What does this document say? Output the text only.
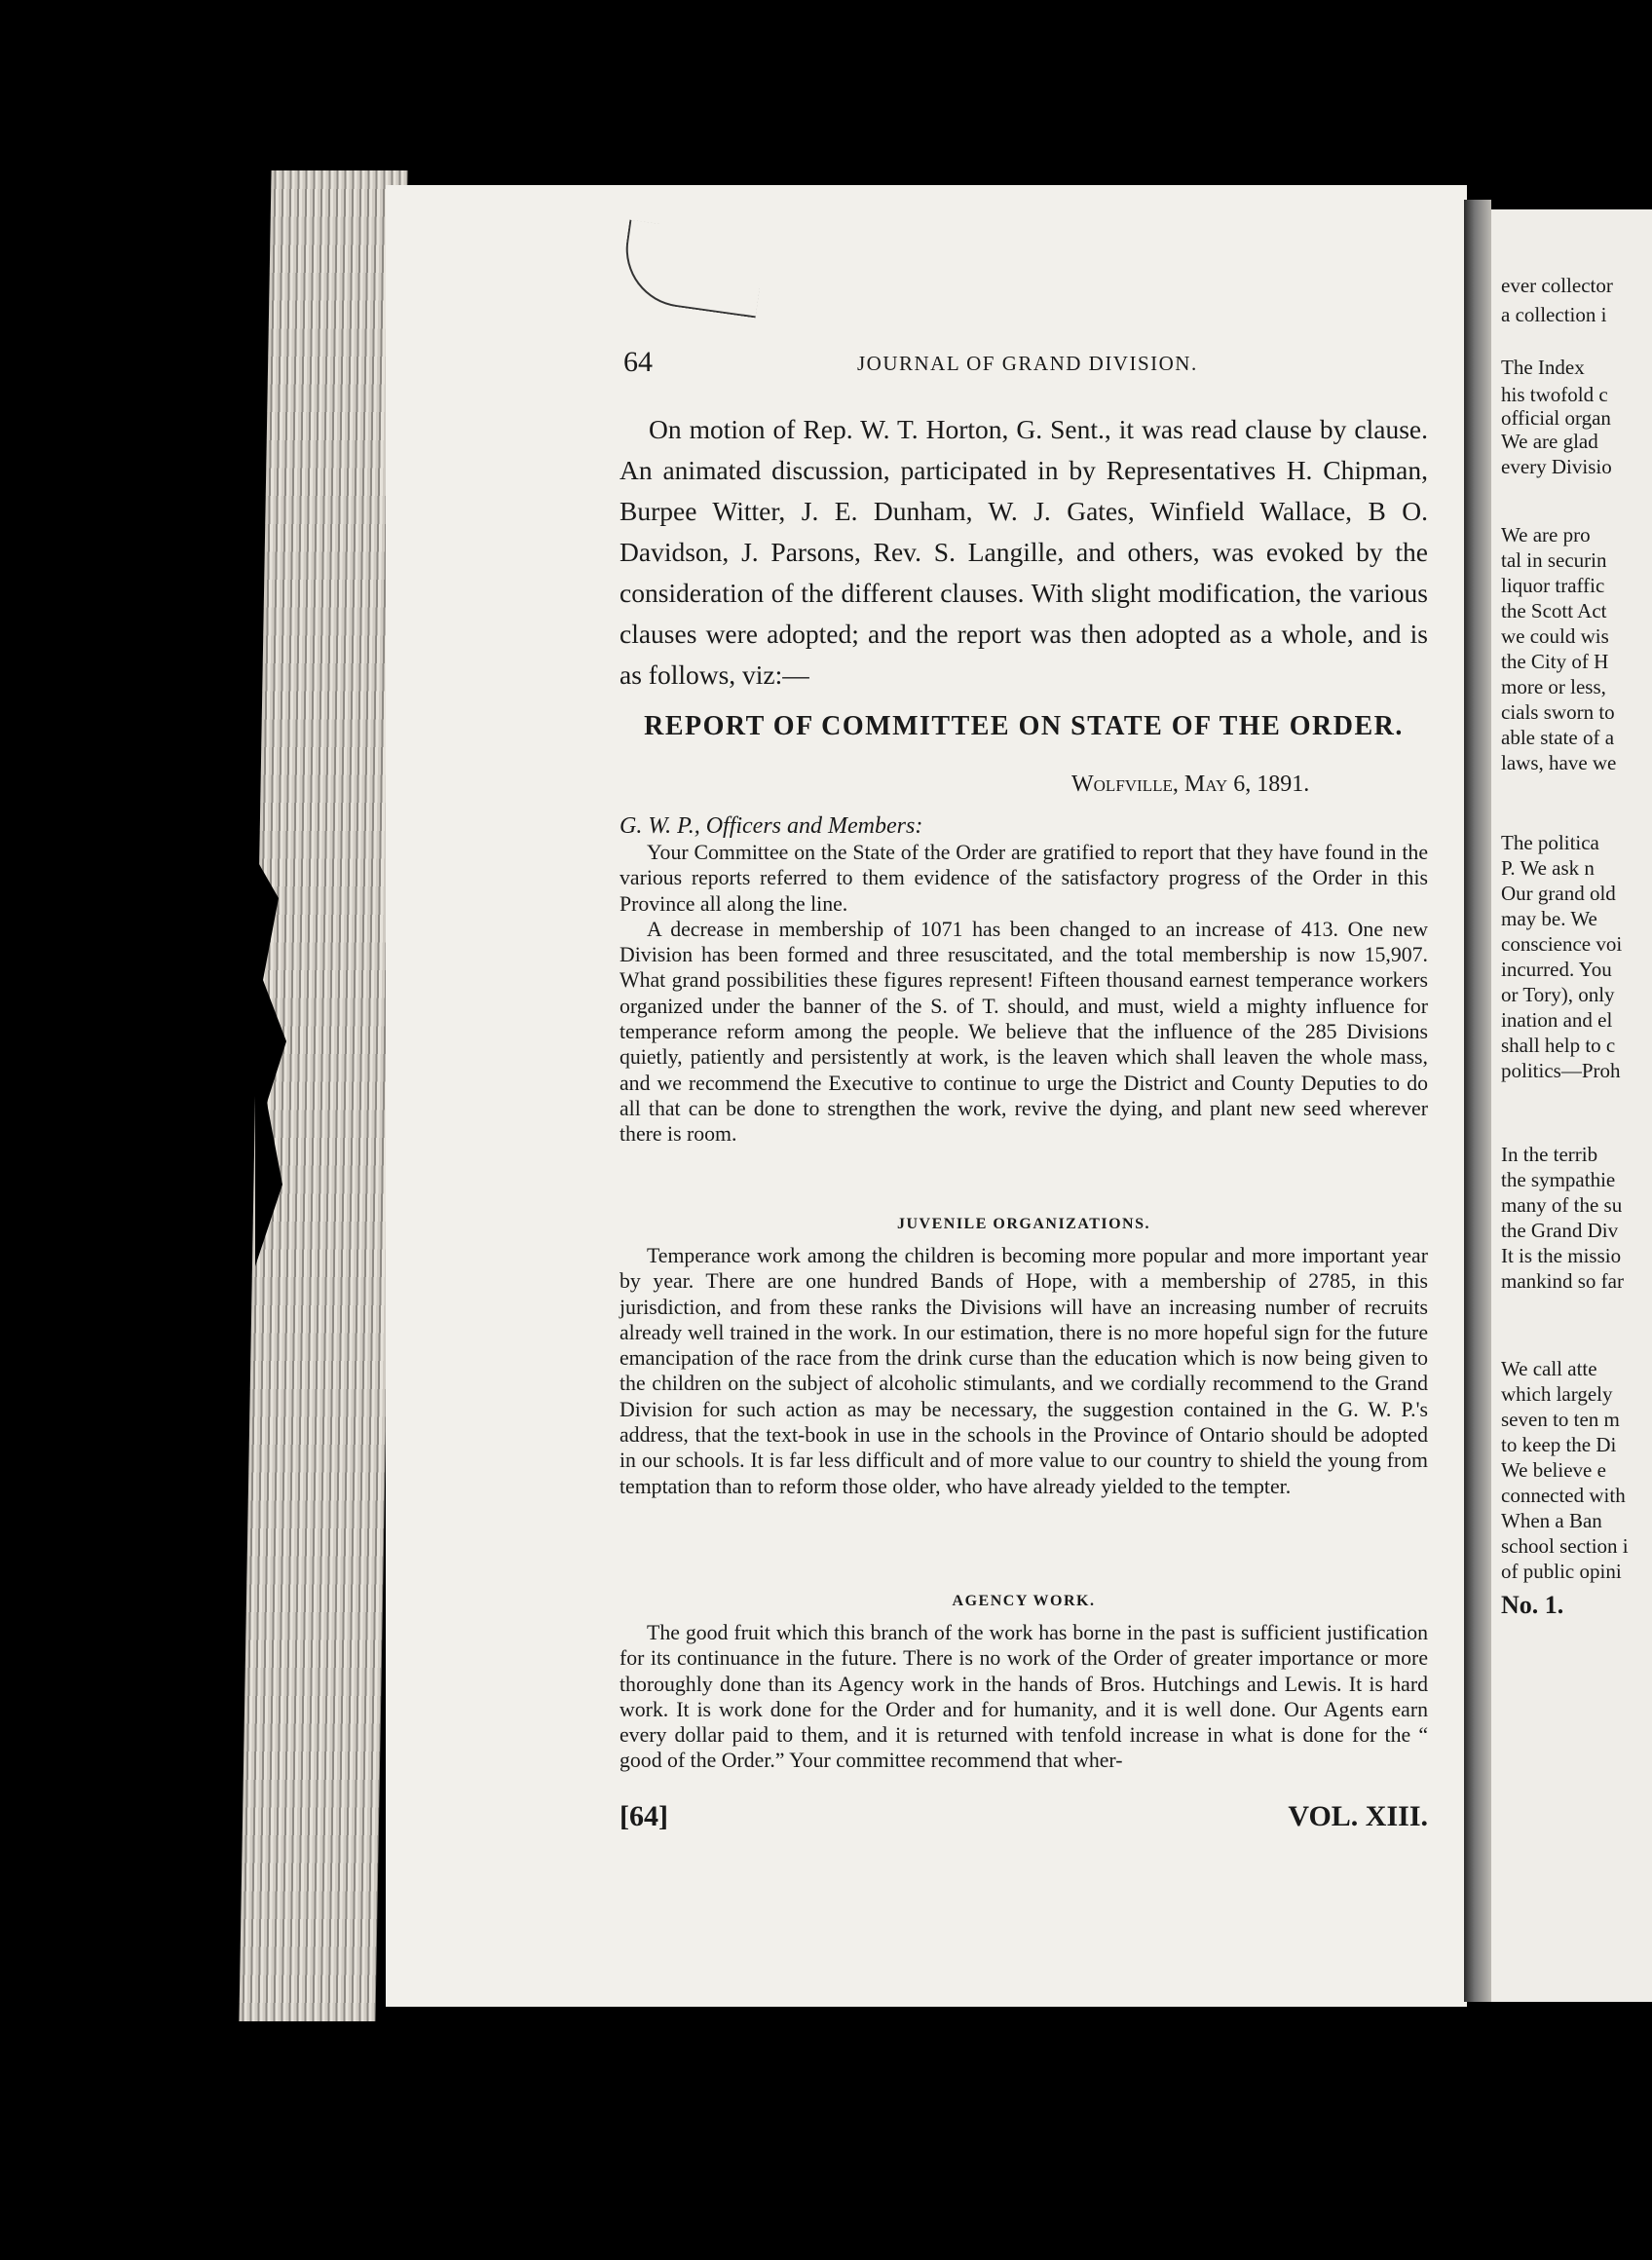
ever collector
a collection i
The Index
his twofold c
official organ
We are glad
every Divisio
We are pro
tal in securin
liquor traffic
the Scott Act
we could wis
the City of H
more or less,
cials sworn to
able state of a
laws, have we
The politica
P. We ask n
Our grand old
may be. We
conscience voi
incurred. You
or Tory), only
ination and el
shall help to c
politics—Proh
In the terrib
the sympathie
many of the su
the Grand Div
It is the missio
mankind so far
We call atte
which largely
seven to ten m
to keep the Di
We believe e
connected with
When a Ban
school section i
of public opini
No. 1.
64	JOURNAL OF GRAND DIVISION.

On motion of Rep. W. T. Horton, G. Sent., it was read clause by clause. An animated discussion, participated in by Representatives H. Chipman, Burpee Witter, J. E. Dunham, W. J. Gates, Winfield Wallace, B O. Davidson, J. Parsons, Rev. S. Langille, and others, was evoked by the consideration of the different clauses. With slight modification, the various clauses were adopted; and the report was then adopted as a whole, and is as follows, viz:—

REPORT OF COMMITTEE ON STATE OF THE ORDER.
Wolfville, May 6, 1891.
G. W. P., Officers and Members:

Your Committee on the State of the Order are gratified to report that they have found in the various reports referred to them evidence of the satisfactory progress of the Order in this Province all along the line.

A decrease in membership of 1071 has been changed to an increase of 413. One new Division has been formed and three resuscitated, and the total membership is now 15,907. What grand possibilities these figures represent! Fifteen thousand earnest temperance workers organized under the banner of the S. of T. should, and must, wield a mighty influence for temperance reform among the people. We believe that the influence of the 285 Divisions quietly, patiently and persistently at work, is the leaven which shall leaven the whole mass, and we recommend the Executive to continue to urge the District and County Deputies to do all that can be done to strengthen the work, revive the dying, and plant new seed wherever there is room.

JUVENILE ORGANIZATIONS.

Temperance work among the children is becoming more popular and more important year by year. There are one hundred Bands of Hope, with a membership of 2785, in this jurisdiction, and from these ranks the Divisions will have an increasing number of recruits already well trained in the work. In our estimation, there is no more hopeful sign for the future emancipation of the race from the drink curse than the education which is now being given to the children on the subject of alcoholic stimulants, and we cordially recommend to the Grand Division for such action as may be necessary, the suggestion contained in the G. W. P.'s address, that the text-book in use in the schools in the Province of Ontario should be adopted in our schools. It is far less difficult and of more value to our country to shield the young from temptation than to reform those older, who have already yielded to the tempter.

AGENCY WORK.

The good fruit which this branch of the work has borne in the past is sufficient justification for its continuance in the future. There is no work of the Order of greater importance or more thoroughly done than its Agency work in the hands of Bros. Hutchings and Lewis. It is hard work. It is work done for the Order and for humanity, and it is well done. Our Agents earn every dollar paid to them, and it is returned with tenfold increase in what is done for the “ good of the Order.” Your committee recommend that wher-

[64]	VOL. XIII.
